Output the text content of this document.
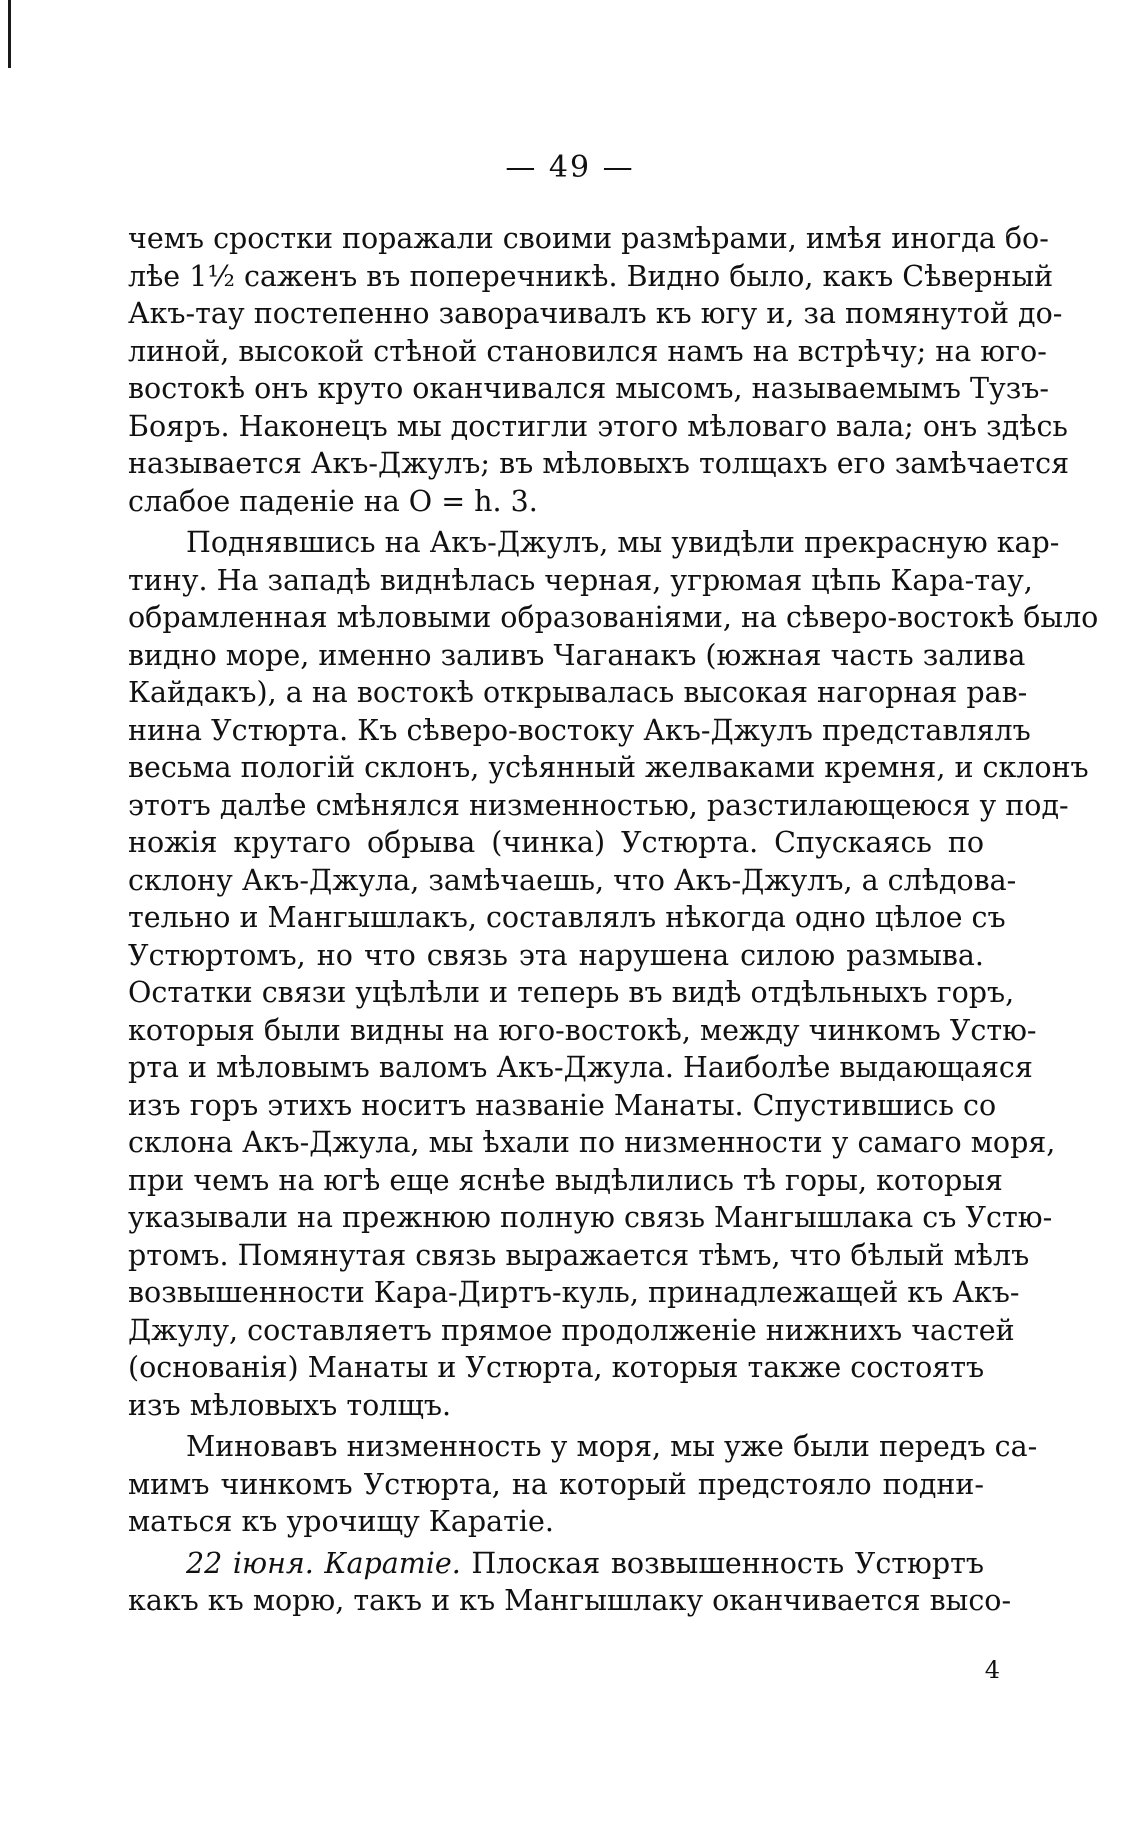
— 49 —
чемъ сростки поражали своими размѣрами, имѣя иногда бо-
лѣе 1½ саженъ въ поперечникѣ. Видно было, какъ Сѣверный
Акъ-тау постепенно заворачивалъ къ югу и, за помянутой до-
линой, высокой стѣной становился намъ на встрѣчу; на юго-
востокѣ онъ круто оканчивался мысомъ, называемымъ Тузъ-
Бояръ. Наконецъ мы достигли этого мѣловаго вала; онъ здѣсь
называется Акъ-Джулъ; въ мѣловыхъ толщахъ его замѣчается
слабое паденіе на O = h. 3.
Поднявшись на Акъ-Джулъ, мы увидѣли прекрасную кар-
тину. На западѣ виднѣлась черная, угрюмая цѣпь Кара-тау,
обрамленная мѣловыми образованіями, на сѣверо-востокѣ было
видно море, именно заливъ Чаганакъ (южная часть залива
Кайдакъ), а на востокѣ открывалась высокая нагорная рав-
нина Устюрта. Къ сѣверо-востоку Акъ-Джулъ представлялъ
весьма пологій склонъ, усѣянный желваками кремня, и склонъ
этотъ далѣе смѣнялся низменностью, разстилающеюся у под-
ножія крутаго обрыва (чинка) Устюрта. Спускаясь по
склону Акъ-Джула, замѣчаешь, что Акъ-Джулъ, а слѣдова-
тельно и Мангышлакъ, составлялъ нѣкогда одно цѣлое съ
Устюртомъ, но что связь эта нарушена силою размыва.
Остатки связи уцѣлѣли и теперь въ видѣ отдѣльныхъ горъ,
которыя были видны на юго-востокѣ, между чинкомъ Устю-
рта и мѣловымъ валомъ Акъ-Джула. Наиболѣе выдающаяся
изъ горъ этихъ носитъ названіе Манаты. Спустившись со
склона Акъ-Джула, мы ѣхали по низменности у самаго моря,
при чемъ на югѣ еще яснѣе выдѣлились тѣ горы, которыя
указывали на прежнюю полную связь Мангышлака съ Устю-
ртомъ. Помянутая связь выражается тѣмъ, что бѣлый мѣлъ
возвышенности Кара-Диртъ-куль, принадлежащей къ Акъ-
Джулу, составляетъ прямое продолженіе нижнихъ частей
(основанія) Манаты и Устюрта, которыя также состоятъ
изъ мѣловыхъ толщъ.
Миновавъ низменность у моря, мы уже были передъ са-
мимъ чинкомъ Устюрта, на который предстояло подни-
маться къ урочищу Каратіе.
22 іюня. Каратіе. Плоская возвышенность Устюртъ
какъ къ морю, такъ и къ Мангышлаку оканчивается высо-
4
